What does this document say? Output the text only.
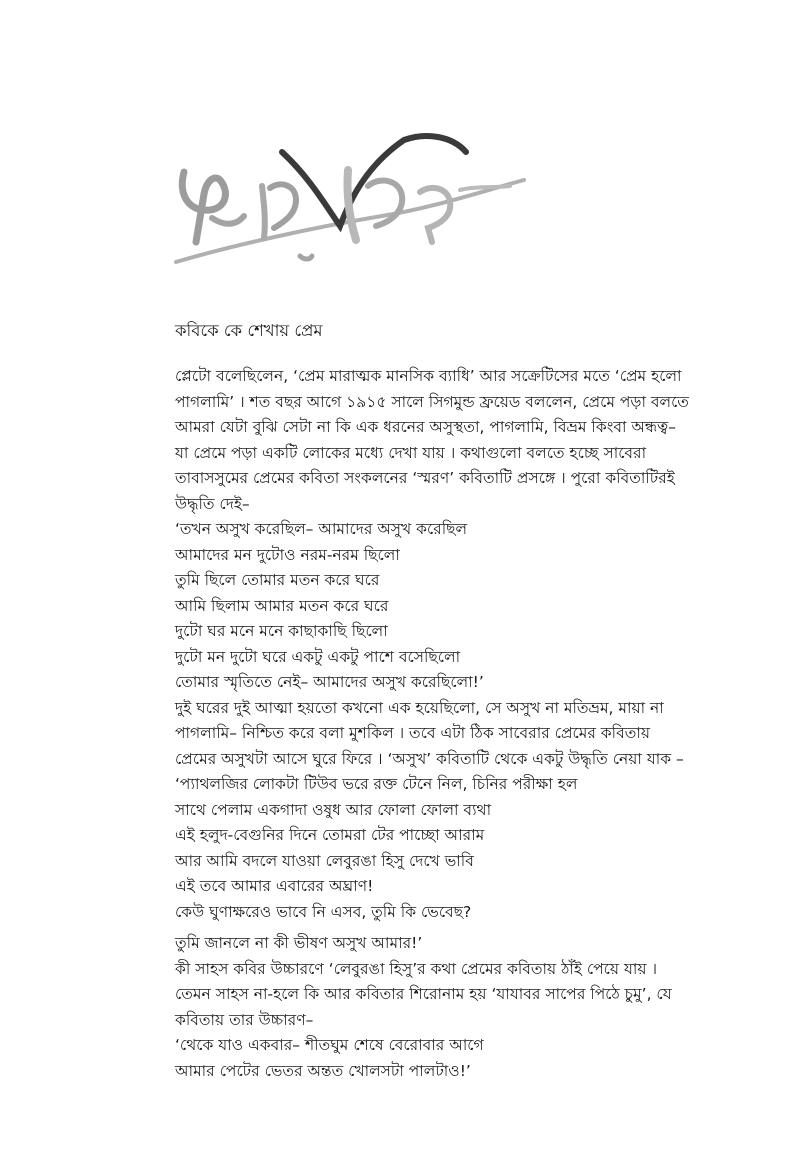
কবিকে কে শেখায় প্রেম
প্লেটো বলেছিলেন, ‘প্রেম মারাত্মক মানসিক ব্যাধি’ আর সক্রেটিসের মতে ‘প্রেম হলো
পাগলামি’ । শত বছর আগে ১৯১৫ সালে সিগমুন্ড ফ্রয়েড বললেন, প্রেমে পড়া বলতে
আমরা যেটা বুঝি সেটা না কি এক ধরনের অসুস্থতা, পাগলামি, বিভ্রম কিংবা অন্ধত্ব–
যা প্রেমে পড়া একটি লোকের মধ্যে দেখা যায় । কথাগুলো বলতে হচ্ছে সাবেরা
তাবাসসুমের প্রেমের কবিতা সংকলনের ‘স্মরণ’ কবিতাটি প্রসঙ্গে । পুরো কবিতাটিরই
উদ্ধৃতি দেই–
‘তখন অসুখ করেছিল– আমাদের অসুখ করেছিল
আমাদের মন দুটোও নরম-নরম ছিলো
তুমি ছিলে তোমার মতন করে ঘরে
আমি ছিলাম আমার মতন করে ঘরে
দুটো ঘর মনে মনে কাছাকাছি ছিলো
দুটো মন দুটো ঘরে একটু একটু পাশে বসেছিলো
তোমার স্মৃতিতে নেই– আমাদের অসুখ করেছিলো!’
দুই ঘরের দুই আত্মা হয়তো কখনো এক হয়েছিলো, সে অসুখ না মতিভ্রম, মায়া না
পাগলামি– নিশ্চিত করে বলা মুশকিল । তবে এটা ঠিক সাবেরার প্রেমের কবিতায়
প্রেমের অসুখটা আসে ঘুরে ফিরে । ‘অসুখ’ কবিতাটি থেকে একটু উদ্ধৃতি নেয়া যাক –
‘প্যাথলজির লোকটা টিউব ভরে রক্ত টেনে নিল, চিনির পরীক্ষা হল
সাথে পেলাম একগাদা ওষুধ আর ফোলা ফোলা ব্যথা
এই হলুদ-বেগুনির দিনে তোমরা টের পাচ্ছো আরাম
আর আমি বদলে যাওয়া লেবুরঙা হিসু দেখে ভাবি
এই তবে আমার এবারের অঘ্রাণ!
কেউ ঘুণাক্ষরেও ভাবে নি এসব, তুমি কি ভেবেছ?
তুমি জানলে না কী ভীষণ অসুখ আমার!’
কী সাহস কবির উচ্চারণে ‘লেবুরঙা হিসু’র কথা প্রেমের কবিতায় ঠাঁই পেয়ে যায় ।
তেমন সাহস না-হলে কি আর কবিতার শিরোনাম হয় ‘যাযাবর সাপের পিঠে চুমু’, যে
কবিতায় তার উচ্চারণ–
‘থেকে যাও একবার– শীতঘুম শেষে বেরোবার আগে
আমার পেটের ভেতর অন্তত খোলসটা পালটাও!’
